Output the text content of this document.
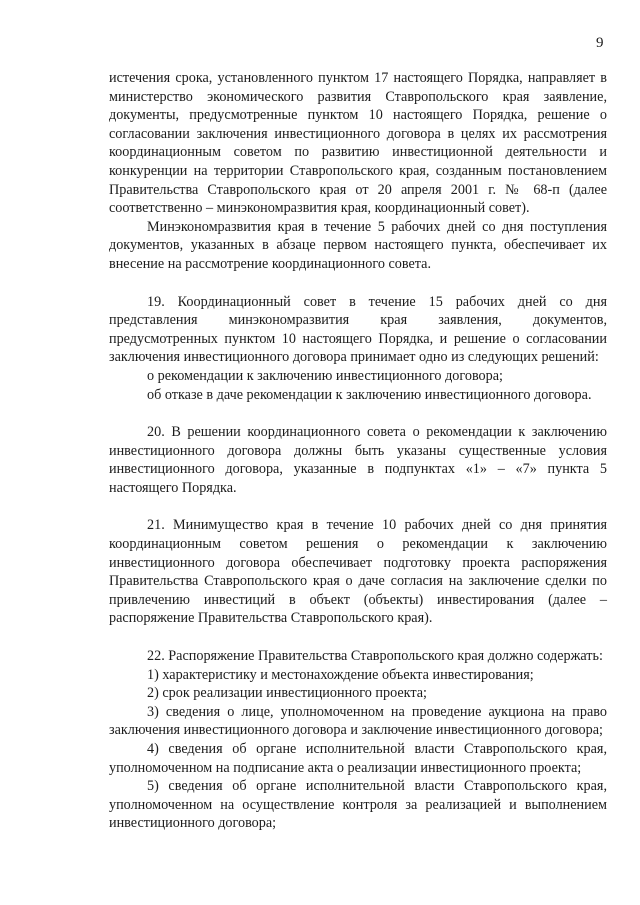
9

истечения срока, установленного пунктом 17 настоящего Порядка, направляет в министерство экономического развития Ставропольского края заявление, документы, предусмотренные пунктом 10 настоящего Порядка, решение о согласовании заключения инвестиционного договора в целях их рассмотрения координационным советом по развитию инвестиционной деятельности и конкуренции на территории Ставропольского края, созданным постановлением Правительства Ставропольского края от 20 апреля 2001 г. № 68-п (далее соответственно – минэкономразвития края, координационный совет).

Минэкономразвития края в течение 5 рабочих дней со дня поступления документов, указанных в абзаце первом настоящего пункта, обеспечивает их внесение на рассмотрение координационного совета.

19. Координационный совет в течение 15 рабочих дней со дня представления минэкономразвития края заявления, документов, предусмотренных пунктом 10 настоящего Порядка, и решение о согласовании заключения инвестиционного договора принимает одно из следующих решений:

о рекомендации к заключению инвестиционного договора;

об отказе в даче рекомендации к заключению инвестиционного договора.

20. В решении координационного совета о рекомендации к заключению инвестиционного договора должны быть указаны существенные условия инвестиционного договора, указанные в подпунктах «1» – «7» пункта 5 настоящего Порядка.

21. Минимущество края в течение 10 рабочих дней со дня принятия координационным советом решения о рекомендации к заключению инвестиционного договора обеспечивает подготовку проекта распоряжения Правительства Ставропольского края о даче согласия на заключение сделки по привлечению инвестиций в объект (объекты) инвестирования (далее – распоряжение Правительства Ставропольского края).

22. Распоряжение Правительства Ставропольского края должно содержать:

1) характеристику и местонахождение объекта инвестирования;

2) срок реализации инвестиционного проекта;

3) сведения о лице, уполномоченном на проведение аукциона на право заключения инвестиционного договора и заключение инвестиционного договора;

4) сведения об органе исполнительной власти Ставропольского края, уполномоченном на подписание акта о реализации инвестиционного проекта;

5) сведения об органе исполнительной власти Ставропольского края, уполномоченном на осуществление контроля за реализацией и выполнением инвестиционного договора;
